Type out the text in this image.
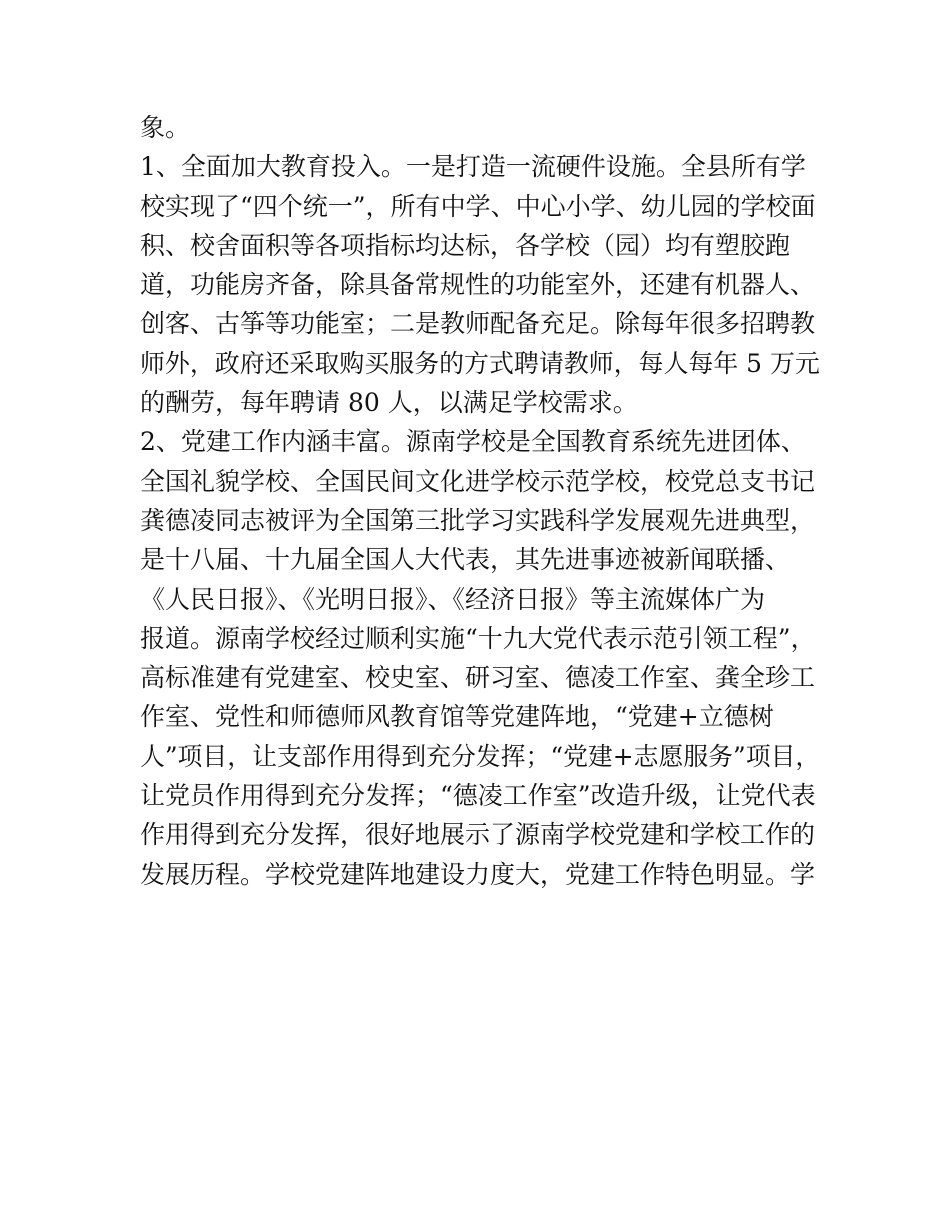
象。
1、全面加大教育投入。一是打造一流硬件设施。全县所有学
校实现了“四个统一”，所有中学、中心小学、幼儿园的学校面
积、校舍面积等各项指标均达标，各学校（园）均有塑胶跑
道，功能房齐备，除具备常规性的功能室外，还建有机器人、
创客、古筝等功能室；二是教师配备充足。除每年很多招聘教
师外，政府还采取购买服务的方式聘请教师，每人每年 5 万元
的酬劳，每年聘请 80 人，以满足学校需求。
2、党建工作内涵丰富。源南学校是全国教育系统先进团体、
全国礼貌学校、全国民间文化进学校示范学校，校党总支书记
龚德凌同志被评为全国第三批学习实践科学发展观先进典型，
是十八届、十九届全国人大代表，其先进事迹被新闻联播、
《人民日报》、《光明日报》、《经济日报》等主流媒体广为
报道。源南学校经过顺利实施“十九大党代表示范引领工程”，
高标准建有党建室、校史室、研习室、德凌工作室、龚全珍工
作室、党性和师德师风教育馆等党建阵地，“党建+立德树
人”项目，让支部作用得到充分发挥；“党建+志愿服务”项目，
让党员作用得到充分发挥；“德凌工作室”改造升级，让党代表
作用得到充分发挥，很好地展示了源南学校党建和学校工作的
发展历程。学校党建阵地建设力度大，党建工作特色明显。学
